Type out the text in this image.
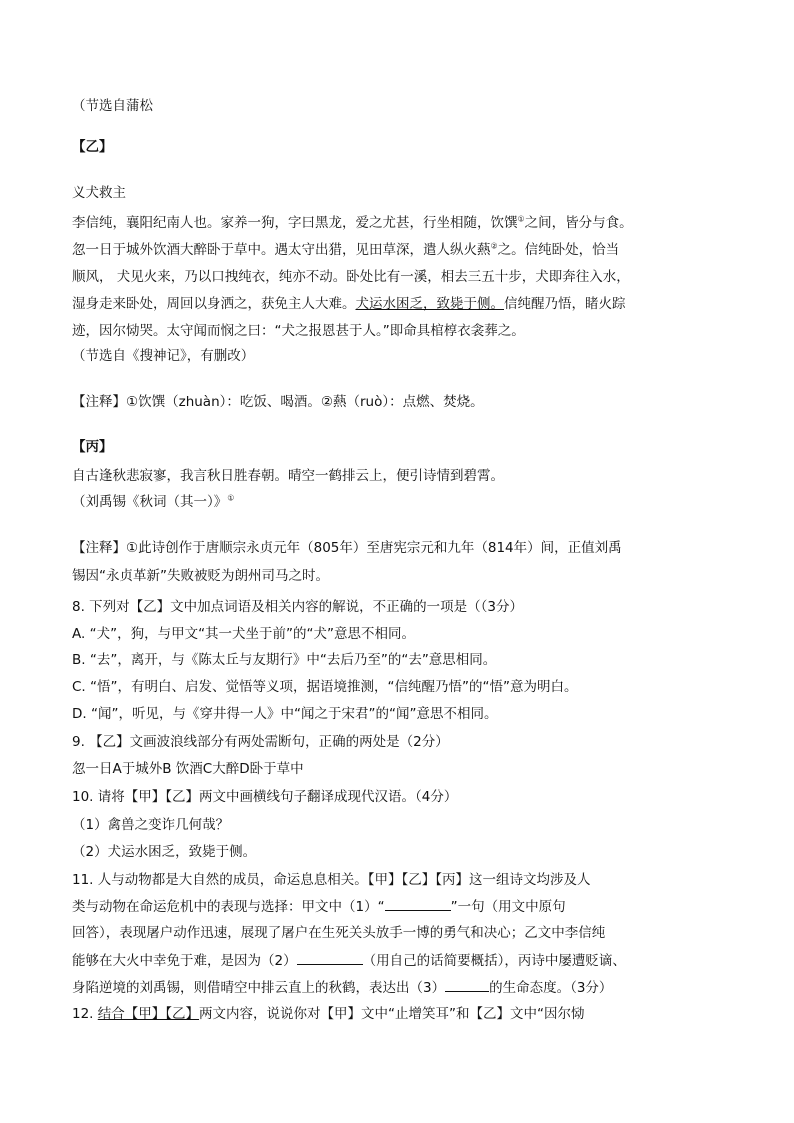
（节选自蒲松
【乙】
义犬救主
李信纯，襄阳纪南人也。家养一狗，字曰黑龙，爱之尤甚，行坐相随，饮馔①之间，皆分与食。
忽一日于城外饮酒大醉卧于草中。遇太守出猎，见田草深，遣人纵火爇②之。信纯卧处，恰当
顺风， 犬见火来，乃以口拽纯衣，纯亦不动。卧处比有一溪，相去三五十步，犬即奔往入水，
湿身走来卧处，周回以身洒之，获免主人大难。犬运水困乏，致毙于侧。信纯醒乃悟，睹火踪
迹，因尔恸哭。太守闻而悯之曰：“犬之报恩甚于人。”即命具棺椁衣衾葬之。
（节选自《搜神记》，有删改）
【注释】①饮馔（zhuàn）：吃饭、喝酒。②爇（ruò）：点燃、焚烧。
【丙】
自古逢秋悲寂寥，我言秋日胜春朝。晴空一鹤排云上，便引诗情到碧霄。
（刘禹锡《秋词（其一）》①
【注释】①此诗创作于唐顺宗永贞元年（805年）至唐宪宗元和九年（814年）间，正值刘禹
锡因“永贞革新”失败被贬为朗州司马之时。
8. 下列对【乙】文中加点词语及相关内容的解说，不正确的一项是（（3分）
A. “犬”，狗，与甲文“其一犬坐于前”的“犬”意思不相同。
B. “去”，离开，与《陈太丘与友期行》中“去后乃至”的“去”意思相同。
C. “悟”，有明白、启发、觉悟等义项，据语境推测，“信纯醒乃悟”的“悟”意为明白。
D. “闻”，听见，与《穿井得一人》中“闻之于宋君”的“闻”意思不相同。
9. 【乙】文画波浪线部分有两处需断句，正确的两处是（2分）
忽一日A于城外B 饮酒C大醉D卧于草中
10. 请将【甲】【乙】两文中画横线句子翻译成现代汉语。（4分）
（1）禽兽之变诈几何哉？
（2）犬运水困乏，致毙于侧。
11. 人与动物都是大自然的成员，命运息息相关。【甲】【乙】【丙】这一组诗文均涉及人
类与动物在命运危机中的表现与选择：甲文中（1）“	”一句（用文中原句
回答），表现屠户动作迅速，展现了屠户在生死关头放手一博的勇气和决心；乙文中李信纯
能够在大火中幸免于难，是因为（2）	（用自己的话简要概括），丙诗中屡遭贬谪、
身陷逆境的刘禹锡，则借晴空中排云直上的秋鹤，表达出（3）	的生命态度。（3分）
12. 结合【甲】【乙】两文内容，说说你对【甲】文中“止增笑耳”和【乙】文中“因尔恸
